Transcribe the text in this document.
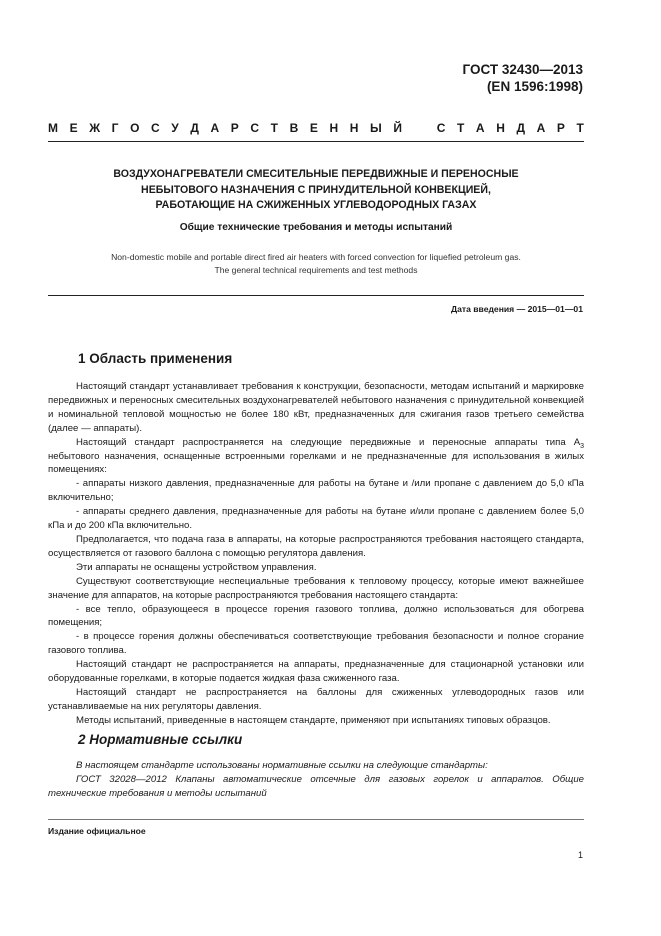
ГОСТ 32430—2013
(EN 1596:1998)
М Е Ж Г О С У Д А Р С Т В Е Н Н Ы Й	С Т А Н Д А Р Т
ВОЗДУХОНАГРЕВАТЕЛИ СМЕСИТЕЛЬНЫЕ ПЕРЕДВИЖНЫЕ И ПЕРЕНОСНЫЕ
НЕБЫТОВОГО НАЗНАЧЕНИЯ С ПРИНУДИТЕЛЬНОЙ КОНВЕКЦИЕЙ,
РАБОТАЮЩИЕ НА СЖИЖЕННЫХ УГЛЕВОДОРОДНЫХ ГАЗАХ
Общие технические требования и методы испытаний
Non-domestic mobile and portable direct fired air heaters with forced convection for liquefied petroleum gas.
The general technical requirements and test methods
Дата введения — 2015—01—01
1 Область применения

Настоящий стандарт устанавливает требования к конструкции, безопасности, методам испытаний и маркировке передвижных и переносных смесительных воздухонагревателей небытового назначения с принудительной конвекцией и номинальной тепловой мощностью не более 180 кВт, предназначенных для сжигания газов третьего семейства (далее — аппараты).

Настоящий стандарт распространяется на следующие передвижные и переносные аппараты типа $А_3$ небытового назначения, оснащенные встроенными горелками и не предназначенные для использования в жилых помещениях:

- аппараты низкого давления, предназначенные для работы на бутане и /или пропане с давлением до 5,0 кПа включительно;

- аппараты среднего давления, предназначенные для работы на бутане и/или пропане с давлением более 5,0 кПа и до 200 кПа включительно.

Предполагается, что подача газа в аппараты, на которые распространяются требования настоящего стандарта, осуществляется от газового баллона с помощью регулятора давления.

Эти аппараты не оснащены устройством управления.

Существуют соответствующие неспециальные требования к тепловому процессу, которые имеют важнейшее значение для аппаратов, на которые распространяются требования настоящего стандарта:

- все тепло, образующееся в процессе горения газового топлива, должно использоваться для обогрева помещения;

- в процессе горения должны обеспечиваться соответствующие требования безопасности и полное сгорание газового топлива.

Настоящий стандарт не распространяется на аппараты, предназначенные для стационарной установки или оборудованные горелками, в которые подается жидкая фаза сжиженного газа.

Настоящий стандарт не распространяется на баллоны для сжиженных углеводородных газов или устанавливаемые на них регуляторы давления.

Методы испытаний, приведенные в настоящем стандарте, применяют при испытаниях типовых образцов.

2 Нормативные ссылки

В настоящем стандарте использованы нормативные ссылки на следующие стандарты:

ГОСТ 32028—2012 Клапаны автоматические отсечные для газовых горелок и аппаратов. Общие технические требования и методы испытаний

Издание официальное
1
